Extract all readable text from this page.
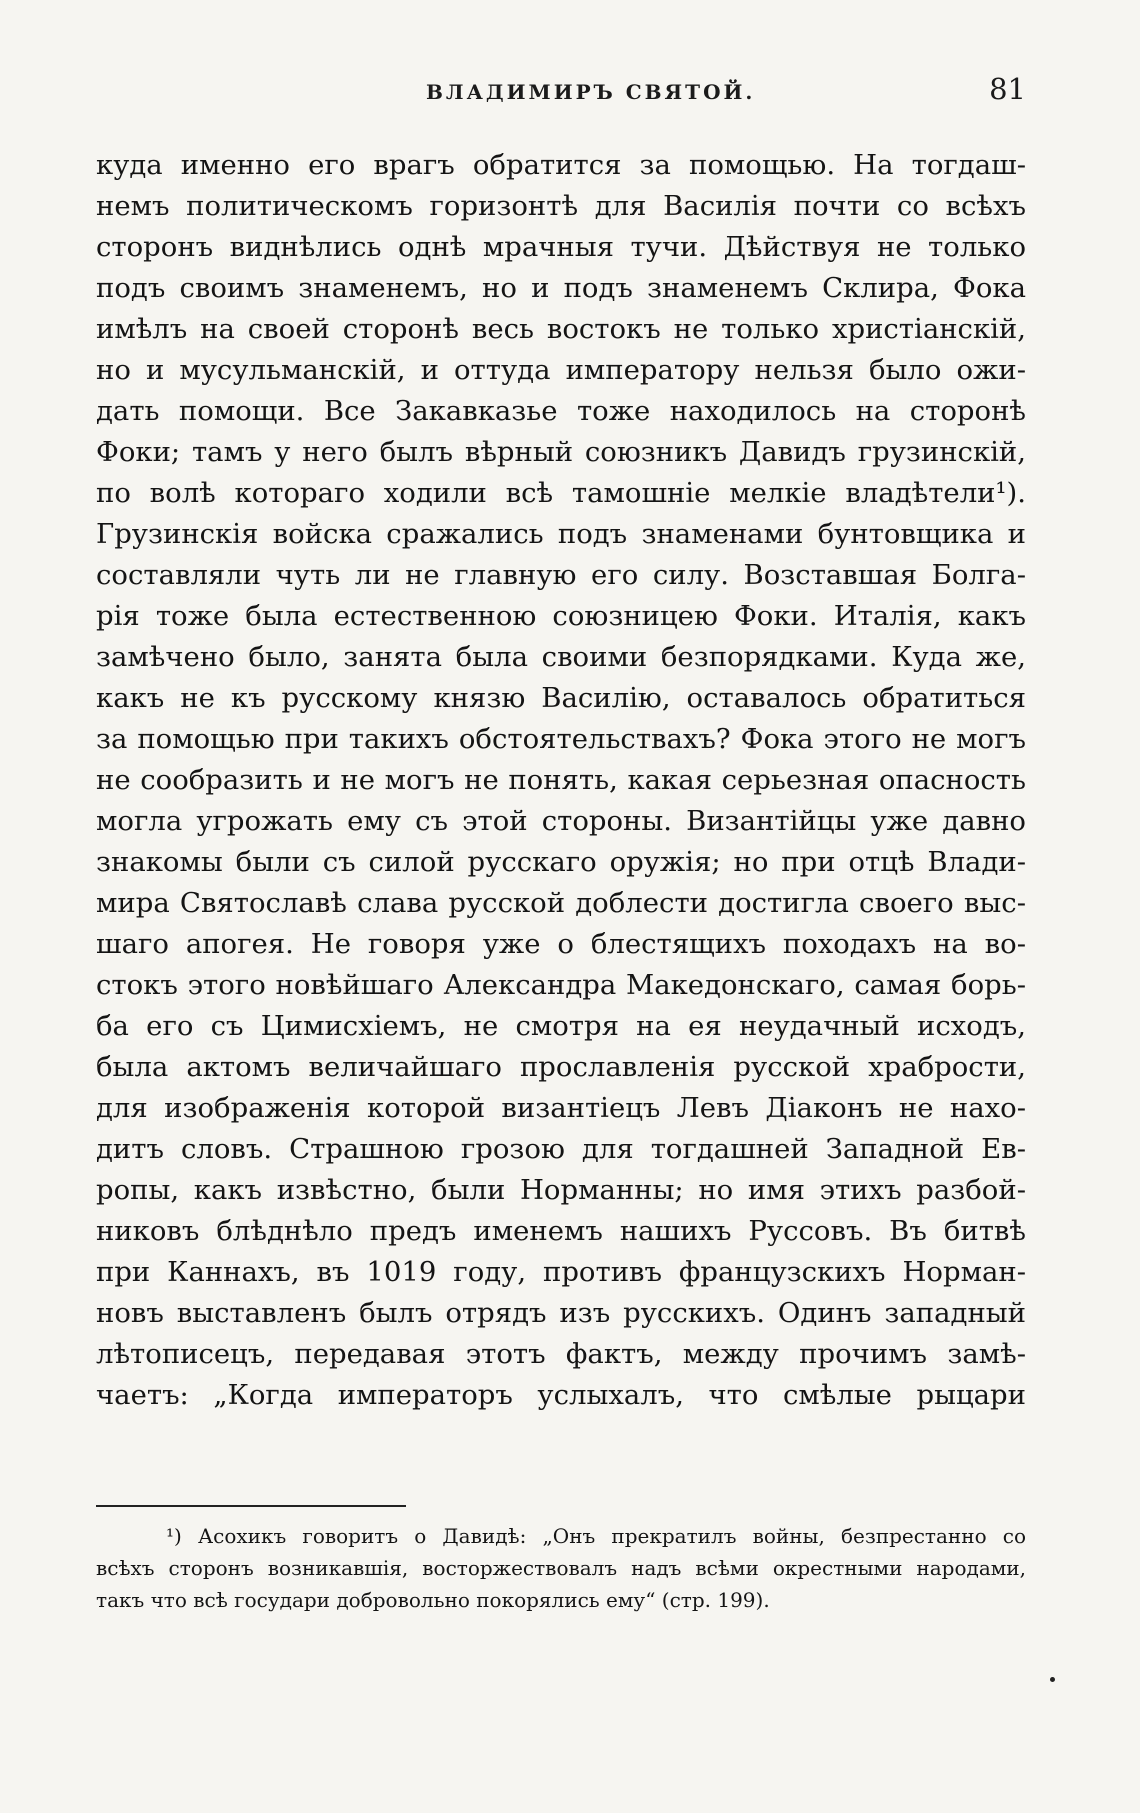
ВЛАДИМИРЪ СВЯТОЙ.	81
куда именно его врагъ обратится за помощью. На тогдаш-
немъ политическомъ горизонтѣ для Василія почти со всѣхъ
сторонъ виднѣлись однѣ мрачныя тучи. Дѣйствуя не только
подъ своимъ знаменемъ, но и подъ знаменемъ Склира, Фока
имѣлъ на своей сторонѣ весь востокъ не только христіанскій,
но и мусульманскій, и оттуда императору нельзя было ожи-
дать помощи. Все Закавказье тоже находилось на сторонѣ
Фоки; тамъ у него былъ вѣрный союзникъ Давидъ грузинскій,
по волѣ котораго ходили всѣ тамошніе мелкіе владѣтели¹).
Грузинскія войска сражались подъ знаменами бунтовщика и
составляли чуть ли не главную его силу. Возставшая Болга-
рія тоже была естественною союзницею Фоки. Италія, какъ
замѣчено было, занята была своими безпорядками. Куда же,
какъ не къ русскому князю Василію, оставалось обратиться
за помощью при такихъ обстоятельствахъ? Фока этого не могъ
не сообразить и не могъ не понять, какая серьезная опасность
могла угрожать ему съ этой стороны. Византійцы уже давно
знакомы были съ силой русскаго оружія; но при отцѣ Влади-
мира Святославѣ слава русской доблести достигла своего выс-
шаго апогея. Не говоря уже о блестящихъ походахъ на во-
стокъ этого новѣйшаго Александра Македонскаго, самая борь-
ба его съ Цимисхіемъ, не смотря на ея неудачный исходъ,
была актомъ величайшаго прославленія русской храбрости,
для изображенія которой византіецъ Левъ Діаконъ не нахо-
дитъ словъ. Страшною грозою для тогдашней Западной Ев-
ропы, какъ извѣстно, были Норманны; но имя этихъ разбой-
никовъ блѣднѣло предъ именемъ нашихъ Руссовъ. Въ битвѣ
при Каннахъ, въ 1019 году, противъ французскихъ Норман-
новъ выставленъ былъ отрядъ изъ русскихъ. Одинъ западный
лѣтописецъ, передавая этотъ фактъ, между прочимъ замѣ-
чаетъ: „Когда императоръ услыхалъ, что смѣлые рыцари
¹) Асохикъ говоритъ о Давидѣ: „Онъ прекратилъ войны, безпрестанно со
всѣхъ сторонъ возникавшія, восторжествовалъ надъ всѣми окрестными народами,
такъ что всѣ государи добровольно покорялись ему“ (стр. 199).
